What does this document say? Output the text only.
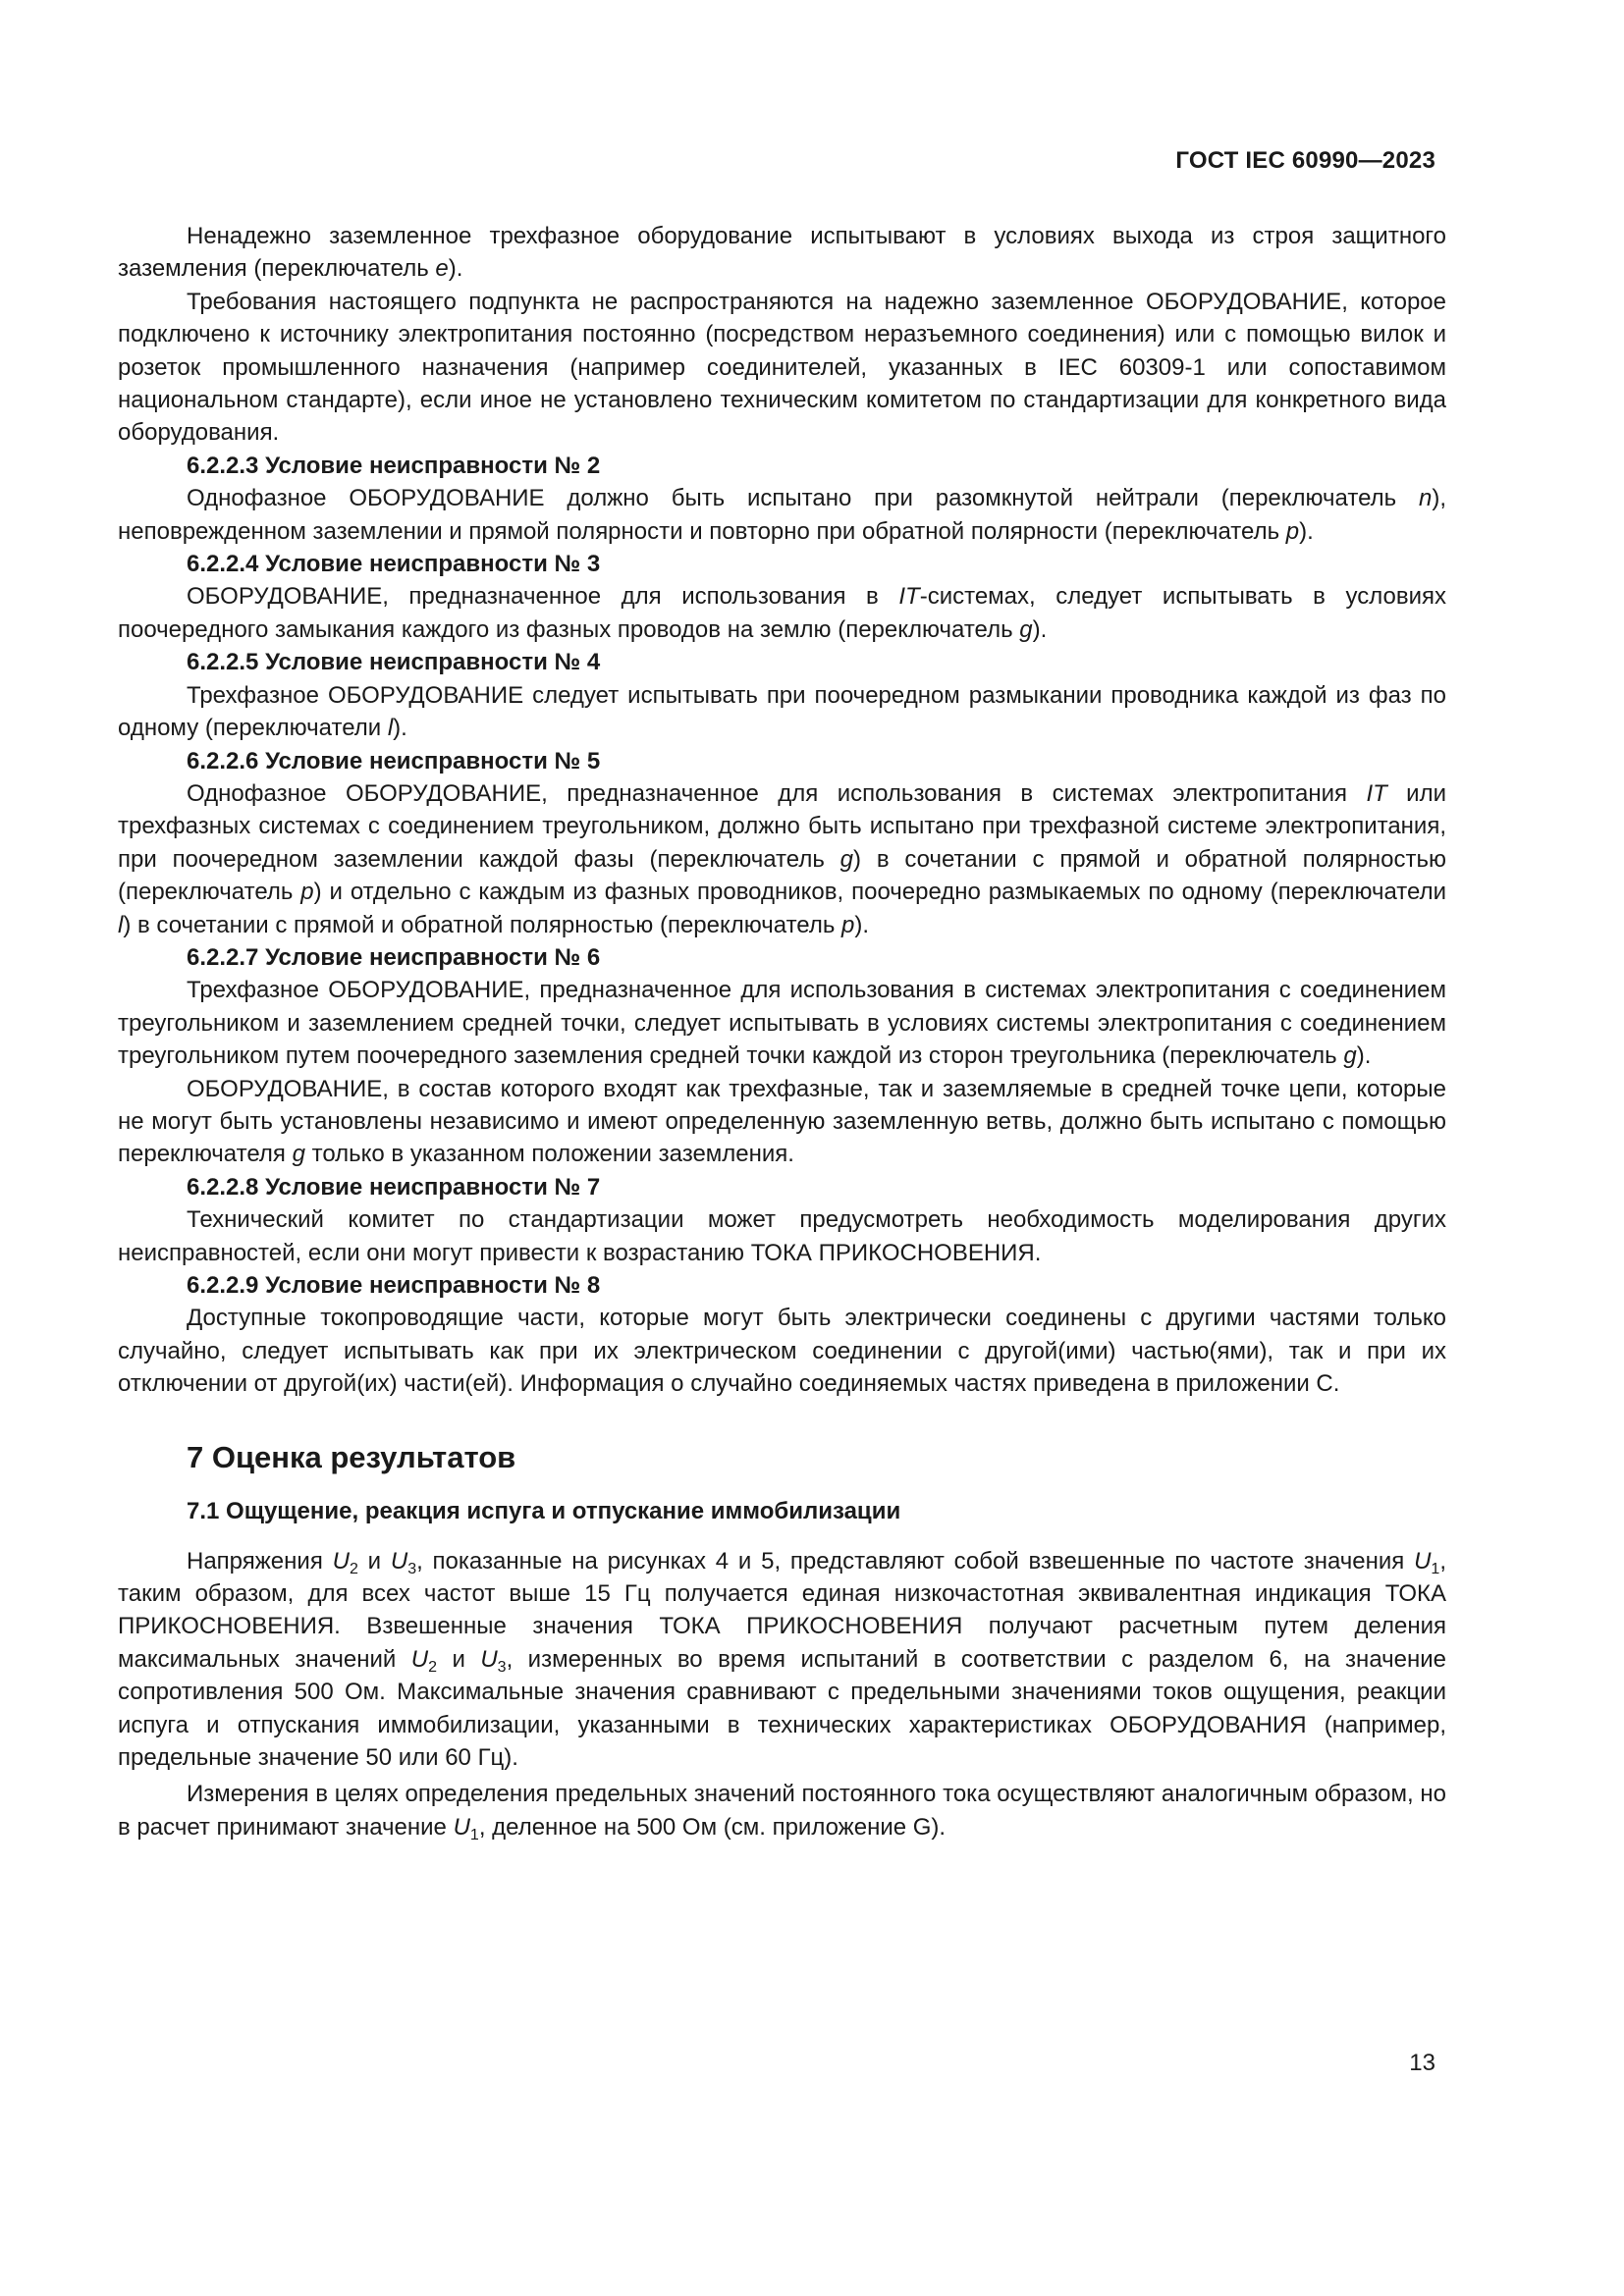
ГОСТ IEC 60990—2023

Ненадежно заземленное трехфазное оборудование испытывают в условиях выхода из строя защитного заземления (переключатель e).

Требования настоящего подпункта не распространяются на надежно заземленное ОБОРУДОВАНИЕ, которое подключено к источнику электропитания постоянно (посредством неразъемного соединения) или с помощью вилок и розеток промышленного назначения (например соединителей, указанных в IEC 60309-1 или сопоставимом национальном стандарте), если иное не установлено техническим комитетом по стандартизации для конкретного вида оборудования.

6.2.2.3 Условие неисправности № 2

Однофазное ОБОРУДОВАНИЕ должно быть испытано при разомкнутой нейтрали (переключатель n), неповрежденном заземлении и прямой полярности и повторно при обратной полярности (переключатель p).

6.2.2.4 Условие неисправности № 3

ОБОРУДОВАНИЕ, предназначенное для использования в IT-системах, следует испытывать в условиях поочередного замыкания каждого из фазных проводов на землю (переключатель g).

6.2.2.5 Условие неисправности № 4

Трехфазное ОБОРУДОВАНИЕ следует испытывать при поочередном размыкании проводника каждой из фаз по одному (переключатели l).

6.2.2.6 Условие неисправности № 5

Однофазное ОБОРУДОВАНИЕ, предназначенное для использования в системах электропитания IT или трехфазных системах с соединением треугольником, должно быть испытано при трехфазной системе электропитания, при поочередном заземлении каждой фазы (переключатель g) в сочетании с прямой и обратной полярностью (переключатель p) и отдельно с каждым из фазных проводников, поочередно размыкаемых по одному (переключатели l) в сочетании с прямой и обратной полярностью (переключатель p).

6.2.2.7 Условие неисправности № 6

Трехфазное ОБОРУДОВАНИЕ, предназначенное для использования в системах электропитания с соединением треугольником и заземлением средней точки, следует испытывать в условиях системы электропитания с соединением треугольником путем поочередного заземления средней точки каждой из сторон треугольника (переключатель g).

ОБОРУДОВАНИЕ, в состав которого входят как трехфазные, так и заземляемые в средней точке цепи, которые не могут быть установлены независимо и имеют определенную заземленную ветвь, должно быть испытано с помощью переключателя g только в указанном положении заземления.

6.2.2.8 Условие неисправности № 7

Технический комитет по стандартизации может предусмотреть необходимость моделирования других неисправностей, если они могут привести к возрастанию ТОКА ПРИКОСНОВЕНИЯ.

6.2.2.9 Условие неисправности № 8

Доступные токопроводящие части, которые могут быть электрически соединены с другими частями только случайно, следует испытывать как при их электрическом соединении с другой(ими) частью(ями), так и при их отключении от другой(их) части(ей). Информация о случайно соединяемых частях приведена в приложении С.

7 Оценка результатов
7.1 Ощущение, реакция испуга и отпускание иммобилизации

Напряжения $U_2$ и $U_3$, показанные на рисунках 4 и 5, представляют собой взвешенные по частоте значения $U_1$, таким образом, для всех частот выше 15 Гц получается единая низкочастотная эквивалентная индикация ТОКА ПРИКОСНОВЕНИЯ. Взвешенные значения ТОКА ПРИКОСНОВЕНИЯ получают расчетным путем деления максимальных значений $U_2$ и $U_3$, измеренных во время испытаний в соответствии с разделом 6, на значение сопротивления 500 Ом. Максимальные значения сравнивают с предельными значениями токов ощущения, реакции испуга и отпускания иммобилизации, указанными в технических характеристиках ОБОРУДОВАНИЯ (например, предельные значение 50 или 60 Гц).

Измерения в целях определения предельных значений постоянного тока осуществляют аналогичным образом, но в расчет принимают значение $U_1$, деленное на 500 Ом (см. приложение G).

13
